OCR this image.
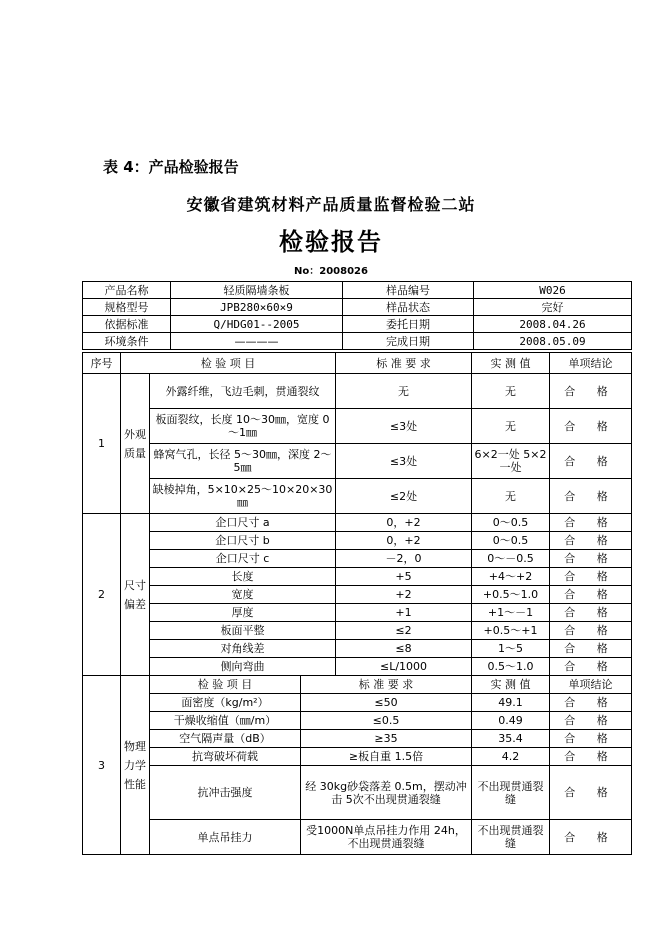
表 4：产品检验报告
安徽省建筑材料产品质量监督检验二站
检验报告
No：2008026
产品名称	轻质隔墙条板	样品编号	W026
规格型号	JPB280×60×9	样品状态	完好
依据标准	Q/HDG01--2005	委托日期	2008.04.26
环境条件	————	完成日期	2008.05.09
序号	检 验 项 目			标 准 要 求	实 测 值	单项结论
1	外观质量	外露纤维，飞边毛刺，贯通裂纹		无	无	合 格
		板面裂纹，长度 10～30㎜，宽度 0～1㎜		≤3处	无	合 格
		蜂窝气孔，长径 5～30㎜，深度 2～5㎜		≤3处	6×2一处 5×2一处	合 格
		缺棱掉角，5×10×25～10×20×30㎜		≤2处	无	合 格
2	尺寸偏差	企口尺寸 a		0，+2	0～0.5	合 格
		企口尺寸 b		0，+2	0～0.5	合 格
		企口尺寸 c		－2，0	0～－0.5	合 格
		长度		+5	+4～+2	合 格
		宽度		+2	+0.5～1.0	合 格
		厚度		+1	+1～－1	合 格
		板面平整		≤2	+0.5～+1	合 格
		对角线差		≤8	1～5	合 格
		侧向弯曲		≤L/1000	0.5～1.0	合 格
3	物理力学性能	检 验 项 目	标 准 要 求		实 测 值	单项结论
		面密度（kg/m²）	≤50		49.1	合 格
		干燥收缩值（㎜/m）	≤0.5		0.49	合 格
		空气隔声量（dB）	≥35		35.4	合 格
		抗弯破坏荷载	≥板自重 1.5倍		4.2	合 格
		抗冲击强度	经 30kg砂袋落差 0.5m，摆动冲击 5次不出现贯通裂缝		不出现贯通裂缝	合 格
		单点吊挂力	受1000N单点吊挂力作用 24h，不出现贯通裂缝		不出现贯通裂缝	合 格
